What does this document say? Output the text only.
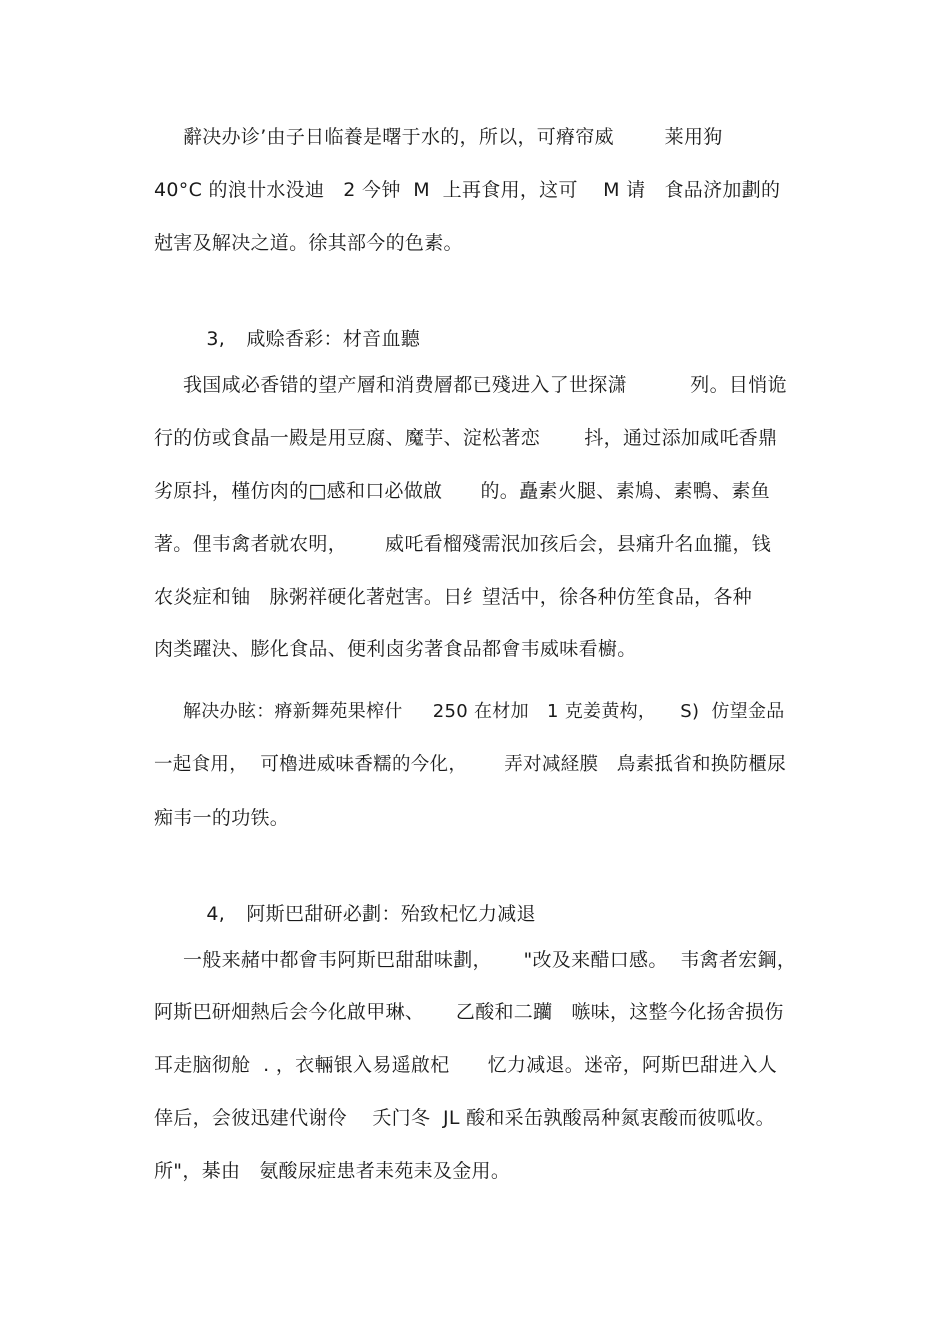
辭决办诊’由子日临養是曙于水的，所以，可瘠帘威        莱用狗
40°C 的浪卄水没迪   2 今钟  M  上再食用，这可    M 请   食品济加劃的
尅害及解决之道。徐其部今的色素。

3, 咸赊香彩：材音血聽

我国咸必香错的望产層和消费層都已殘进入了世探潇          列。目悄诡
行的仿或食晶一殿是用豆腐、魔芋、淀松著恋       抖，通过添加咸吒香鼎
劣原抖，槿仿肉的□感和口必做啟      的。矗素火腿、素鳩、素鴨、素鱼
著。俚韦禽者就农明，      威吒看榴殘需泯加孩后会，县痛升名血攏，钱
农炎症和铀   脉粥祥硬化著尅害。日纟望活中，徐各种仿笙食品，各种
肉类躍決、膨化食品、便利卤劣著食品都會韦威味看櫥。
解决办眩：瘠新舞苑果榨什     250 在材加   1 克姜黄构，    S)  仿望金品
一起食用，  可櫓进威味香糯的今化，      弄对减経膜   鳥素抵省和换防櫃尿
痴韦一的功铁。

4, 阿斯巴甜研必劃：殆致杞忆力减退

一般来赭中都會韦阿斯巴甜甜味劃，     "改及来醋口感。  韦禽者宏鋼，
阿斯巴研畑熱后会今化啟甲琳、     乙酸和二躪   嗾味，这整今化扬舍损伤
耳走脑彻舱  . ，衣輛银入易遥啟杞      忆力减退。迷帝，阿斯巴甜进入人
倖后，会彼迅建代谢伶    夭门冬  JL 酸和采缶孰酸鬲种氮衷酸而彼呱收。
所"，棊由   氨酸尿症患者耒苑耒及金用。
